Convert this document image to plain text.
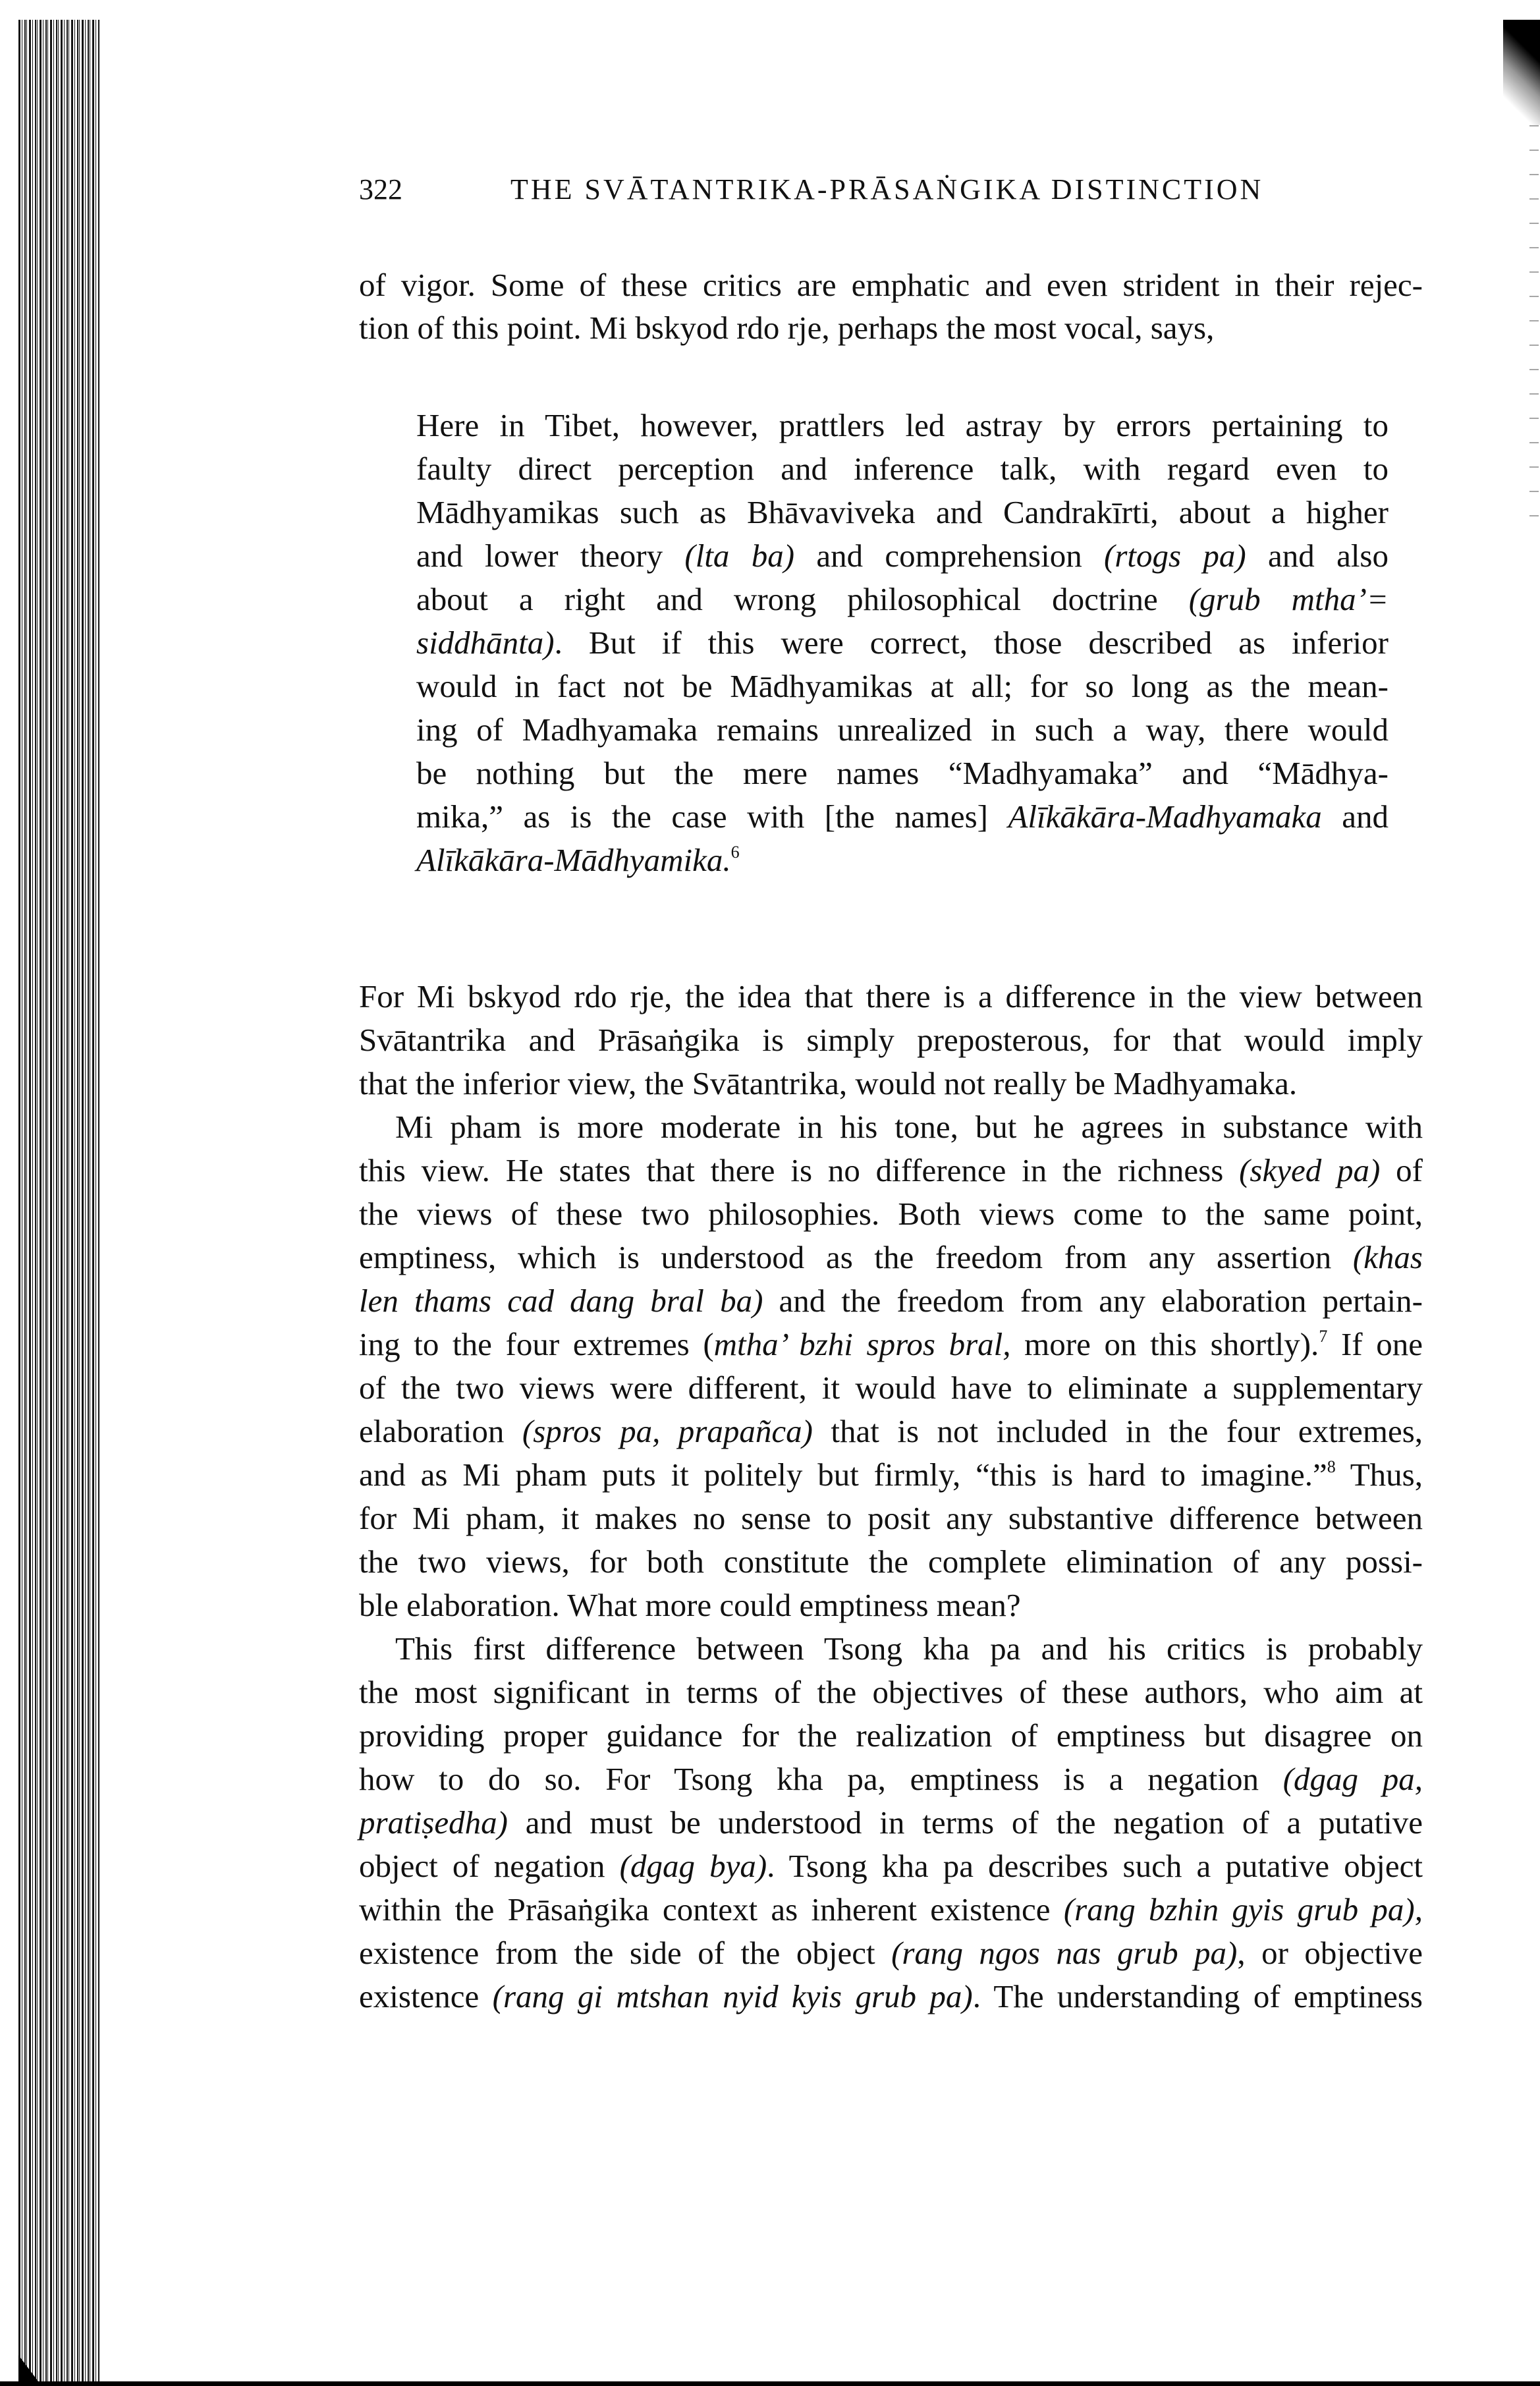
322	THE SVĀTANTRIKA-PRĀSAṄGIKA DISTINCTION
of vigor. Some of these critics are emphatic and even strident in their rejec-
tion of this point. Mi bskyod rdo rje, perhaps the most vocal, says,
Here in Tibet, however, prattlers led astray by errors pertaining to
faulty direct perception and inference talk, with regard even to
Mādhyamikas such as Bhāvaviveka and Candrakīrti, about a higher
and lower theory (lta ba) and comprehension (rtogs pa) and also
about a right and wrong philosophical doctrine (grub mtha’=
siddhānta). But if this were correct, those described as inferior
would in fact not be Mādhyamikas at all; for so long as the mean-
ing of Madhyamaka remains unrealized in such a way, there would
be nothing but the mere names “Madhyamaka” and “Mādhya-
mika,” as is the case with [the names] Alīkākāra-Madhyamaka and
Alīkākāra-Mādhyamika.$^6$
For Mi bskyod rdo rje, the idea that there is a difference in the view between
Svātantrika and Prāsaṅgika is simply preposterous, for that would imply
that the inferior view, the Svātantrika, would not really be Madhyamaka.
Mi pham is more moderate in his tone, but he agrees in substance with
this view. He states that there is no difference in the richness (skyed pa) of
the views of these two philosophies. Both views come to the same point,
emptiness, which is understood as the freedom from any assertion (khas
len thams cad dang bral ba) and the freedom from any elaboration pertain-
ing to the four extremes (mtha’ bzhi spros bral, more on this shortly).$^7$ If one
of the two views were different, it would have to eliminate a supplementary
elaboration (spros pa, prapañca) that is not included in the four extremes,
and as Mi pham puts it politely but firmly, “this is hard to imagine.”$^8$ Thus,
for Mi pham, it makes no sense to posit any substantive difference between
the two views, for both constitute the complete elimination of any possi-
ble elaboration. What more could emptiness mean?
This first difference between Tsong kha pa and his critics is probably
the most significant in terms of the objectives of these authors, who aim at
providing proper guidance for the realization of emptiness but disagree on
how to do so. For Tsong kha pa, emptiness is a negation (dgag pa,
pratiṣedha) and must be understood in terms of the negation of a putative
object of negation (dgag bya). Tsong kha pa describes such a putative object
within the Prāsaṅgika context as inherent existence (rang bzhin gyis grub pa),
existence from the side of the object (rang ngos nas grub pa), or objective
existence (rang gi mtshan nyid kyis grub pa). The understanding of emptiness
